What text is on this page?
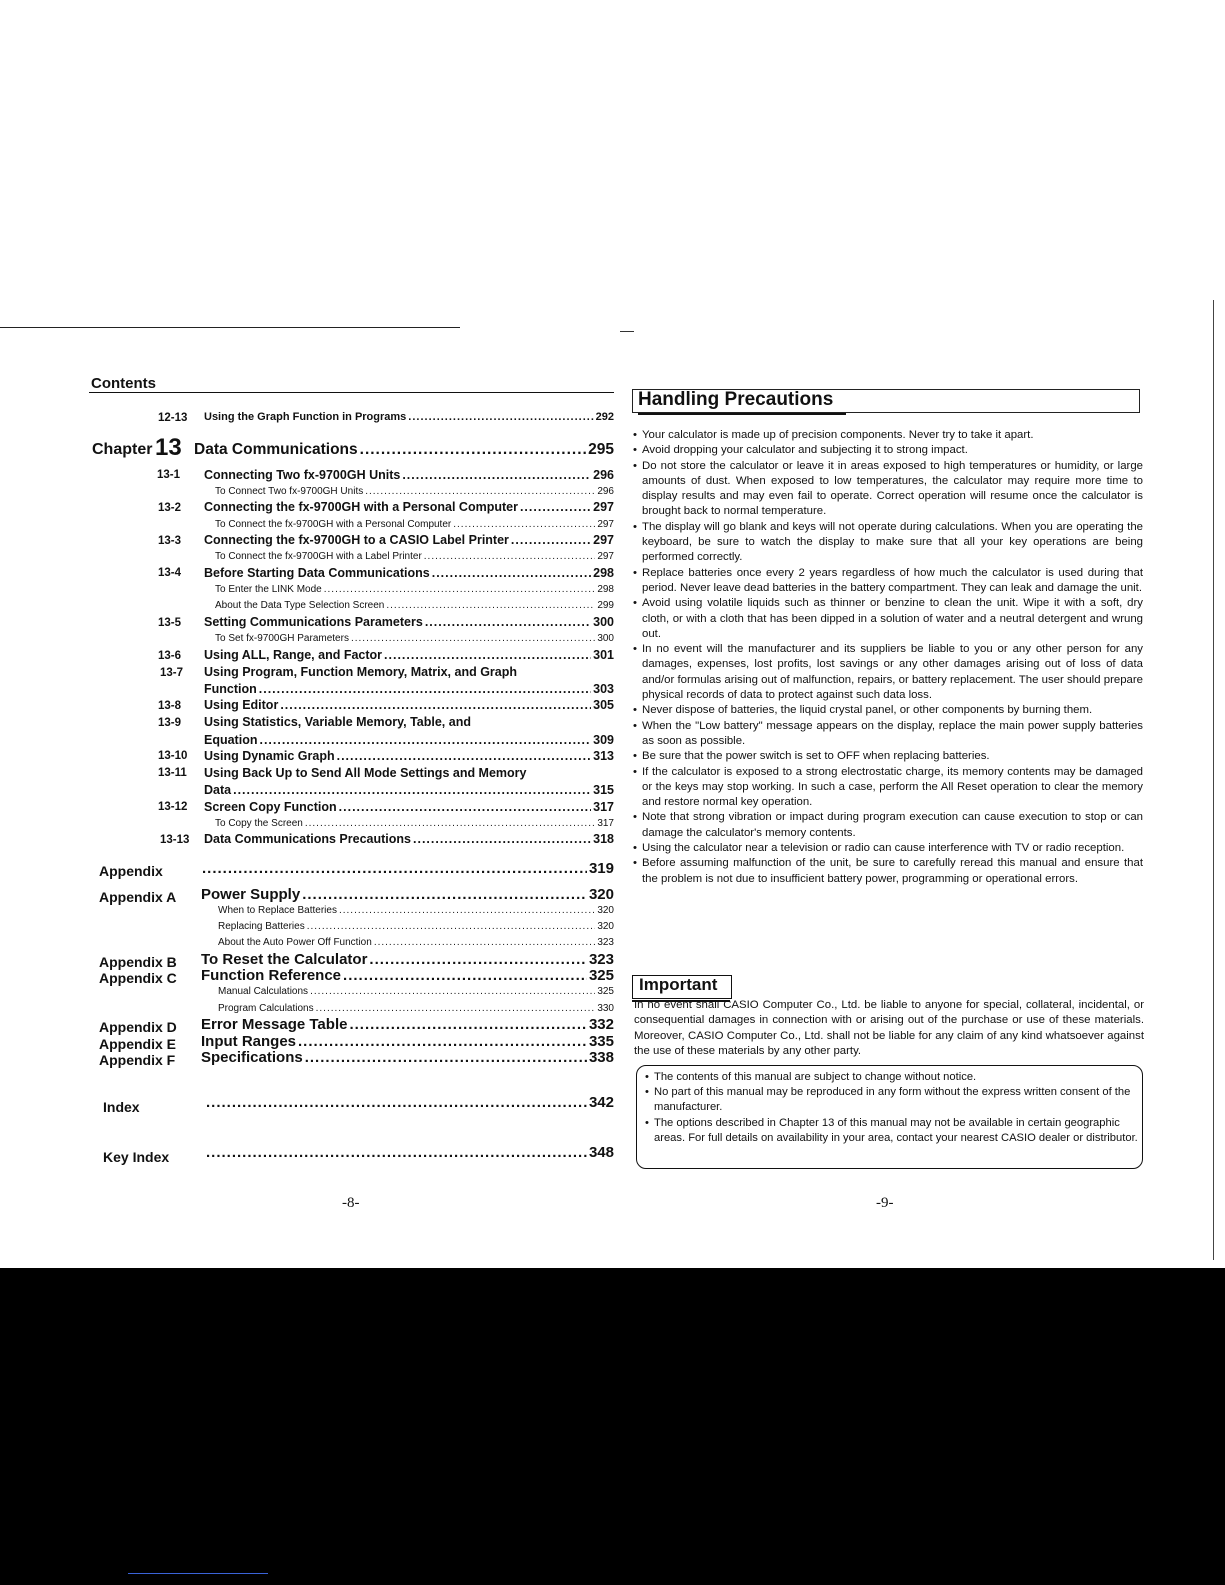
Contents
12-13 Using the Graph Function in Programs .....	292
Chapter 13 Data Communications .....	295
13-1 Connecting Two fx-9700GH Units .....	296
To Connect Two fx-9700GH Units .....	296
13-2 Connecting the fx-9700GH with a Personal Computer .....	297
To Connect the fx-9700GH with a Personal Computer .....	297
13-3 Connecting the fx-9700GH to a CASIO Label Printer .....	297
To Connect the fx-9700GH with a Label Printer .....	297
13-4 Before Starting Data Communications .....	298
To Enter the LINK Mode .....	298
About the Data Type Selection Screen .....	299
13-5 Setting Communications Parameters .....	300
To Set fx-9700GH Parameters .....	300
13-6 Using ALL, Range, and Factor .....	301
13-7 Using Program, Function Memory, Matrix, and Graph
Function .....	303
13-8 Using Editor .....	305
13-9 Using Statistics, Variable Memory, Table, and
Equation .....	309
13-10 Using Dynamic Graph .....	313
13-11 Using Back Up to Send All Mode Settings and Memory
Data .....	315
13-12 Screen Copy Function .....	317
To Copy the Screen .....	317
13-13 Data Communications Precautions .....	318
Appendix .....	319
Appendix A Power Supply .....	320
When to Replace Batteries .....	320
Replacing Batteries .....	320
About the Auto Power Off Function .....	323
Appendix B To Reset the Calculator .....	323
Appendix C Function Reference .....	325
Manual Calculations .....	325
Program Calculations .....	330
Appendix D Error Message Table .....	332
Appendix E Input Ranges .....	335
Appendix F Specifications .....	338
Index .....	342
Key Index .....	348
-8-
Handling Precautions
• Your calculator is made up of precision components. Never try to take it apart.
• Avoid dropping your calculator and subjecting it to strong impact.
• Do not store the calculator or leave it in areas exposed to high temperatures or humidity, or large amounts of dust. When exposed to low temperatures, the calculator may require more time to display results and may even fail to operate. Correct operation will resume once the calculator is brought back to normal temperature.
• The display will go blank and keys will not operate during calculations. When you are operating the keyboard, be sure to watch the display to make sure that all your key operations are being performed correctly.
• Replace batteries once every 2 years regardless of how much the calculator is used during that period. Never leave dead batteries in the battery compartment. They can leak and damage the unit.
• Avoid using volatile liquids such as thinner or benzine to clean the unit. Wipe it with a soft, dry cloth, or with a cloth that has been dipped in a solution of water and a neutral detergent and wrung out.
• In no event will the manufacturer and its suppliers be liable to you or any other person for any damages, expenses, lost profits, lost savings or any other damages arising out of loss of data and/or formulas arising out of malfunction, repairs, or battery replacement. The user should prepare physical records of data to protect against such data loss.
• Never dispose of batteries, the liquid crystal panel, or other components by burning them.
• When the "Low battery" message appears on the display, replace the main power supply batteries as soon as possible.
• Be sure that the power switch is set to OFF when replacing batteries.
• If the calculator is exposed to a strong electrostatic charge, its memory contents may be damaged or the keys may stop working. In such a case, perform the All Reset operation to clear the memory and restore normal key operation.
• Note that strong vibration or impact during program execution can cause execution to stop or can damage the calculator's memory contents.
• Using the calculator near a television or radio can cause interference with TV or radio reception.
• Before assuming malfunction of the unit, be sure to carefully reread this manual and ensure that the problem is not due to insufficient battery power, programming or operational errors.
Important

In no event shall CASIO Computer Co., Ltd. be liable to anyone for special, collateral, incidental, or consequential damages in connection with or arising out of the purchase or use of these materials. Moreover, CASIO Computer Co., Ltd. shall not be liable for any claim of any kind whatsoever against the use of these materials by any other party.

• The contents of this manual are subject to change without notice.
• No part of this manual may be reproduced in any form without the express written consent of the manufacturer.
• The options described in Chapter 13 of this manual may not be available in certain geographic areas. For full details on availability in your area, contact your nearest CASIO dealer or distributor.
-9-
